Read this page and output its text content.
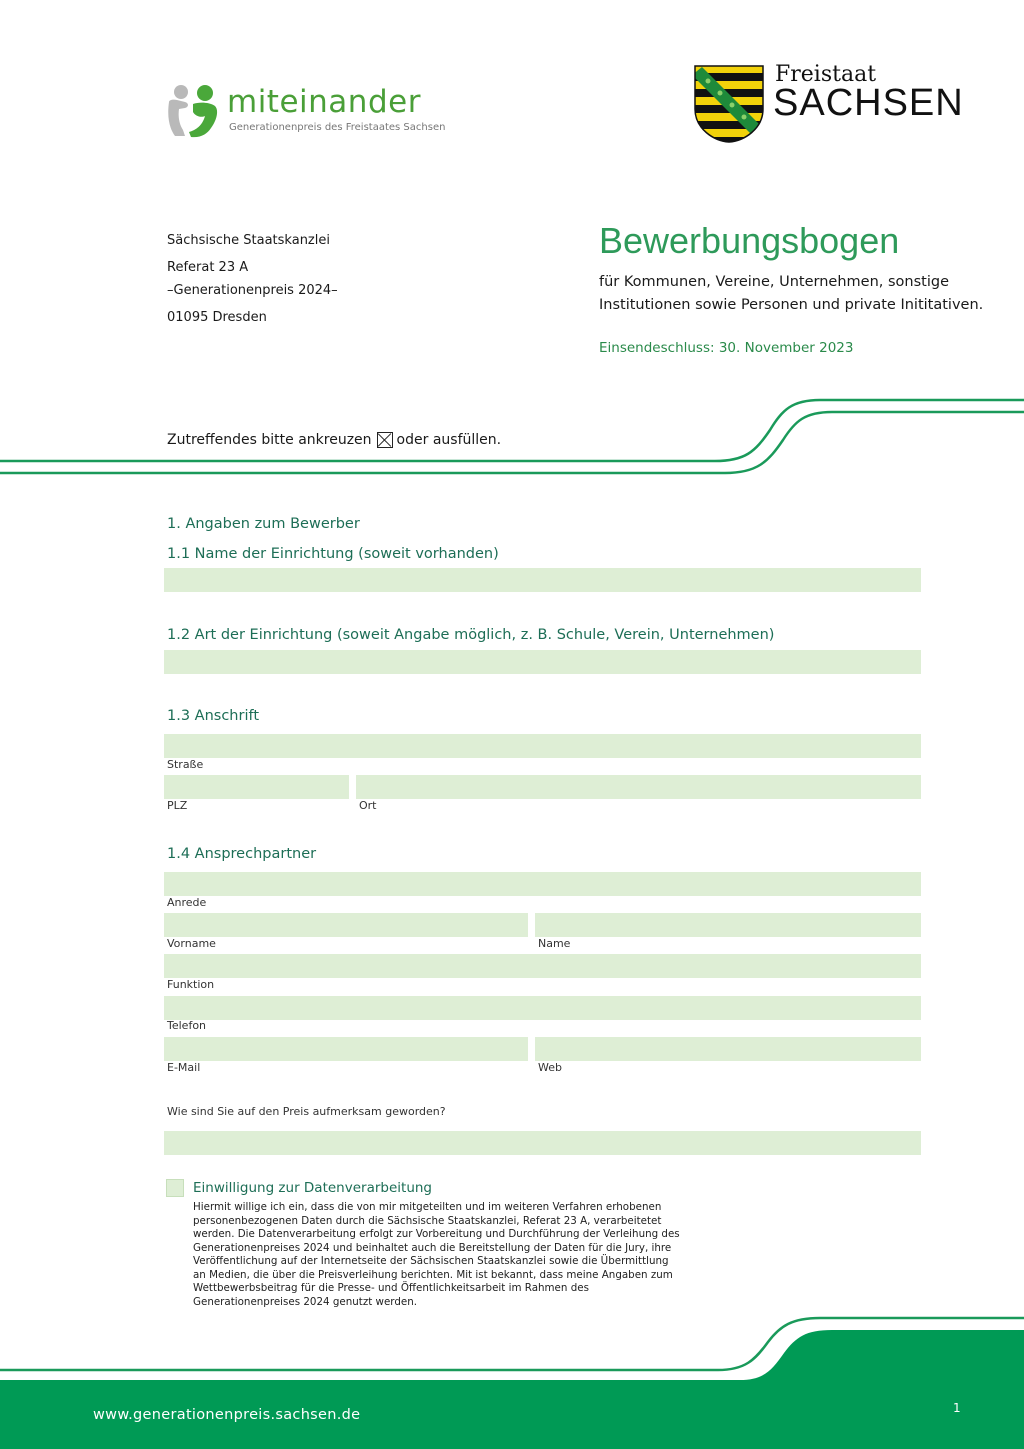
miteinander
Generationenpreis des Freistaates Sachsen
Freistaat
SACHSEN
Sächsische Staatskanzlei
Referat 23 A
–Generationenpreis 2024–
01095 Dresden
Bewerbungsbogen
für Kommunen, Vereine, Unternehmen, sonstige
Institutionen sowie Personen und private Inititativen.
Einsendeschluss: 30. November 2023
Zutreffendes bitte ankreuzen oder ausfüllen.
1. Angaben zum Bewerber
1.1 Name der Einrichtung (soweit vorhanden)
1.2 Art der Einrichtung (soweit Angabe möglich, z. B. Schule, Verein, Unternehmen)
1.3 Anschrift
Straße
PLZ	Ort
1.4 Ansprechpartner
Anrede
Vorname	Name
Funktion
Telefon
E-Mail	Web
Wie sind Sie auf den Preis aufmerksam geworden?
Einwilligung zur Datenverarbeitung
Hiermit willige ich ein, dass die von mir mitgeteilten und im weiteren Verfahren erhobenen personenbezogenen Daten durch die Sächsische Staatskanzlei, Referat 23 A, verarbeitetet werden. Die Datenverarbeitung erfolgt zur Vorbereitung und Durchführung der Verleihung des Generationenpreises 2024 und beinhaltet auch die Bereitstellung der Daten für die Jury, ihre Veröffentlichung auf der Internetseite der Sächsischen Staatskanzlei sowie die Übermittlung an Medien, die über die Preisverleihung berichten. Mit ist bekannt, dass meine Angaben zum Wettbewerbsbeitrag für die Presse- und Öffentlichkeitsarbeit im Rahmen des Generationenpreises 2024 genutzt werden.
www.generationenpreis.sachsen.de	1
